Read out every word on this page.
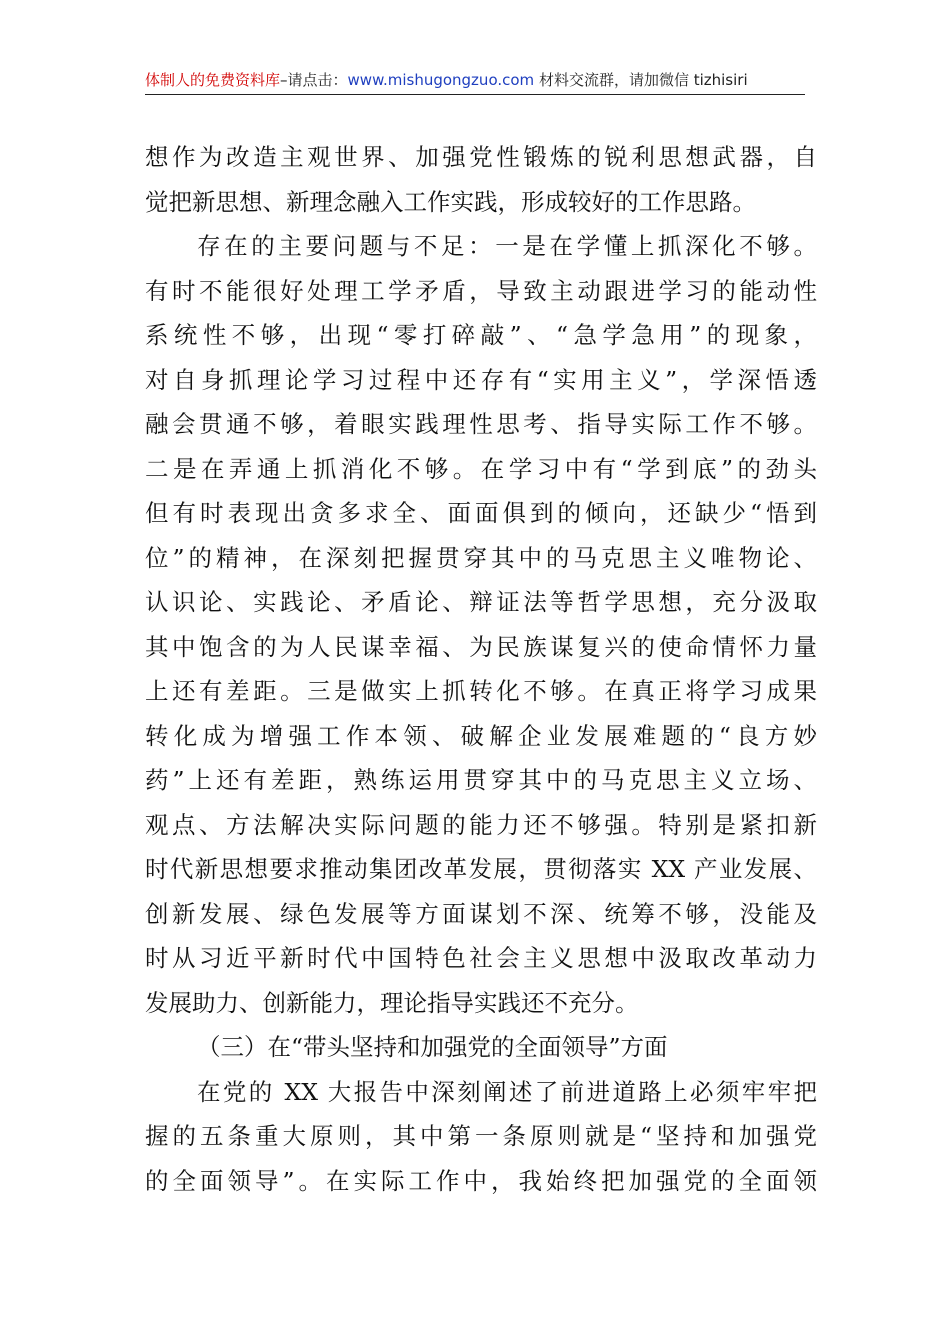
体制人的免费资料库–请点击：www.mishugongzuo.com 材料交流群，请加微信 tizhisiri
想作为改造主观世界、加强党性锻炼的锐利思想武器，自
觉把新思想、新理念融入工作实践，形成较好的工作思路。
存在的主要问题与不足：一是在学懂上抓深化不够。
有时不能很好处理工学矛盾，导致主动跟进学习的能动性
系统性不够，出现“零打碎敲”、“急学急用”的现象，
对自身抓理论学习过程中还存有“实用主义”，学深悟透
融会贯通不够，着眼实践理性思考、指导实际工作不够。
二是在弄通上抓消化不够。在学习中有“学到底”的劲头
但有时表现出贪多求全、面面俱到的倾向，还缺少“悟到
位”的精神，在深刻把握贯穿其中的马克思主义唯物论、
认识论、实践论、矛盾论、辩证法等哲学思想，充分汲取
其中饱含的为人民谋幸福、为民族谋复兴的使命情怀力量
上还有差距。三是做实上抓转化不够。在真正将学习成果
转化成为增强工作本领、破解企业发展难题的“良方妙
药”上还有差距，熟练运用贯穿其中的马克思主义立场、
观点、方法解决实际问题的能力还不够强。特别是紧扣新
时代新思想要求推动集团改革发展，贯彻落实 XX 产业发展、
创新发展、绿色发展等方面谋划不深、统筹不够，没能及
时从习近平新时代中国特色社会主义思想中汲取改革动力
发展助力、创新能力，理论指导实践还不充分。
（三）在“带头坚持和加强党的全面领导”方面
在党的 XX 大报告中深刻阐述了前进道路上必须牢牢把
握的五条重大原则，其中第一条原则就是“坚持和加强党
的全面领导”。在实际工作中，我始终把加强党的全面领
